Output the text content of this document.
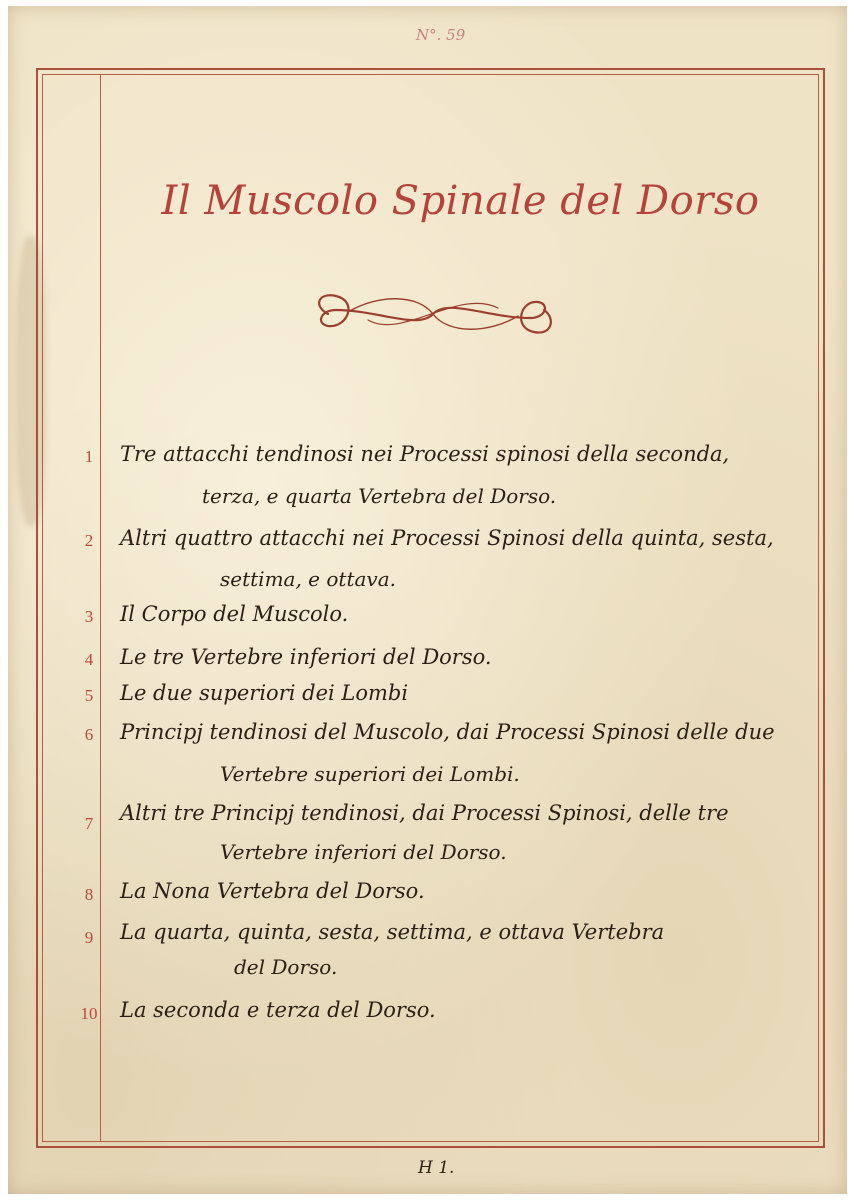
N°. 59
Il Muscolo Spinale del Dorso
1	Tre attacchi tendinosi nei Processi spinosi della seconda,
terza, e quarta Vertebra del Dorso.
2	Altri quattro attacchi nei Processi Spinosi della quinta, sesta,
settima, e ottava.
3	Il Corpo del Muscolo.
4	Le tre Vertebre inferiori del Dorso.
5	Le due superiori dei Lombi
6	Principj tendinosi del Muscolo, dai Processi Spinosi delle due
Vertebre superiori dei Lombi.
7	Altri tre Principj tendinosi, dai Processi Spinosi, delle tre
Vertebre inferiori del Dorso.
8	La Nona Vertebra del Dorso.
9	La quarta, quinta, sesta, settima, e ottava Vertebra
del Dorso.
10	La seconda e terza del Dorso.
H 1.
